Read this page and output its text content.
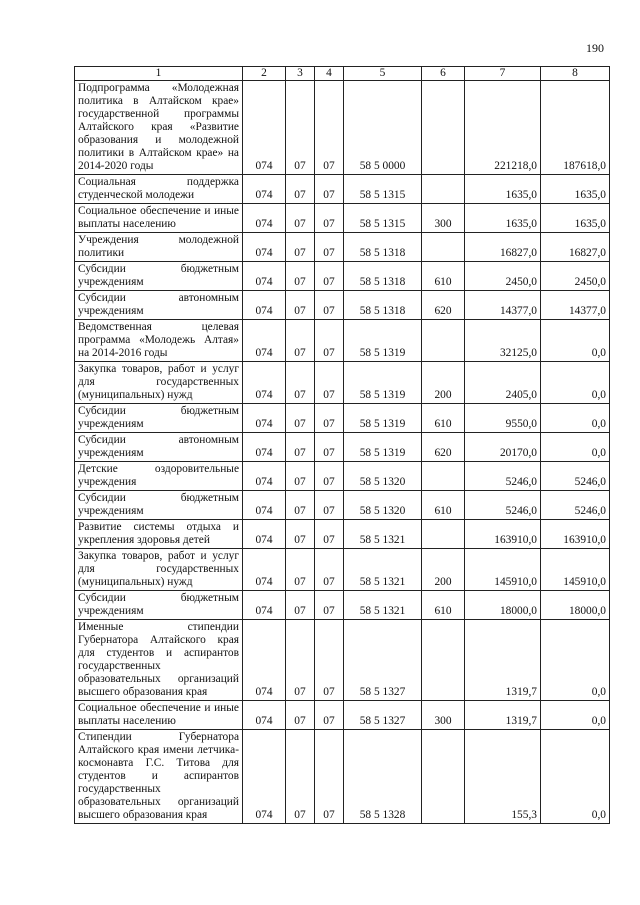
190
1	2	3	4	5	6	7	8
Подпрограмма «Молодежная политика в Алтайском крае» государственной программы Алтайского края «Развитие образования и молодежной политики в Алтайском крае» на 2014-2020 годы	074	07	07	58 5 0000		221218,0	187618,0
Социальная поддержка студенческой молодежи	074	07	07	58 5 1315		1635,0	1635,0
Социальное обеспечение и иные выплаты населению	074	07	07	58 5 1315	300	1635,0	1635,0
Учреждения молодежной политики	074	07	07	58 5 1318		16827,0	16827,0
Субсидии бюджетным учреждениям	074	07	07	58 5 1318	610	2450,0	2450,0
Субсидии автономным учреждениям	074	07	07	58 5 1318	620	14377,0	14377,0
Ведомственная целевая программа «Молодежь Алтая» на 2014-2016 годы	074	07	07	58 5 1319		32125,0	0,0
Закупка товаров, работ и услуг для государственных (муниципальных) нужд	074	07	07	58 5 1319	200	2405,0	0,0
Субсидии бюджетным учреждениям	074	07	07	58 5 1319	610	9550,0	0,0
Субсидии автономным учреждениям	074	07	07	58 5 1319	620	20170,0	0,0
Детские оздоровительные учреждения	074	07	07	58 5 1320		5246,0	5246,0
Субсидии бюджетным учреждениям	074	07	07	58 5 1320	610	5246,0	5246,0
Развитие системы отдыха и укрепления здоровья детей	074	07	07	58 5 1321		163910,0	163910,0
Закупка товаров, работ и услуг для государственных (муниципальных) нужд	074	07	07	58 5 1321	200	145910,0	145910,0
Субсидии бюджетным учреждениям	074	07	07	58 5 1321	610	18000,0	18000,0
Именные стипендии Губернатора Алтайского края для студентов и аспирантов государственных образовательных организаций высшего образования края	074	07	07	58 5 1327		1319,7	0,0
Социальное обеспечение и иные выплаты населению	074	07	07	58 5 1327	300	1319,7	0,0
Стипендии Губернатора Алтайского края имени летчика-космонавта Г.С. Титова для студентов и аспирантов государственных образовательных организаций высшего образования края	074	07	07	58 5 1328		155,3	0,0
